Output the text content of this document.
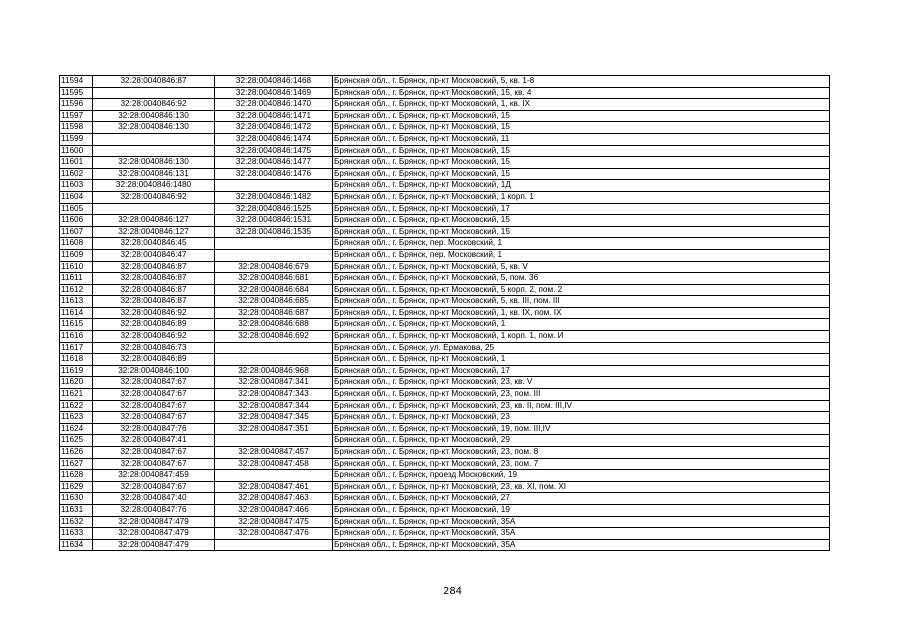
11594	32:28:0040846:87	32:28:0040846:1468	Брянская обл., г. Брянск, пр-кт Московский, 5, кв. 1-8
11595		32:28:0040846:1469	Брянская обл., г. Брянск, пр-кт Московский, 15, кв. 4
11596	32:28:0040846:92	32:28:0040846:1470	Брянская обл., г. Брянск, пр-кт Московский, 1, кв. IX
11597	32:28:0040846:130	32:28:0040846:1471	Брянская обл., г. Брянск, пр-кт Московский, 15
11598	32:28:0040846:130	32:28:0040846:1472	Брянская обл., г. Брянск, пр-кт Московский, 15
11599		32:28:0040846:1474	Брянская обл., г. Брянск, пр-кт Московский, 11
11600		32:28:0040846:1475	Брянская обл., г. Брянск, пр-кт Московский, 15
11601	32:28:0040846:130	32:28:0040846:1477	Брянская обл., г. Брянск, пр-кт Московский, 15
11602	32:28:0040846:131	32:28:0040846:1476	Брянская обл., г. Брянск, пр-кт Московский, 15
11603	32:28:0040846:1480		Брянская обл., г. Брянск, пр-кт Московский, 1Д
11604	32:28:0040846:92	32:28:0040846:1482	Брянская обл., г. Брянск, пр-кт Московский, 1 корп. 1
11605		32:28:0040846:1525	Брянская обл., г. Брянск, пр-кт Московский, 17
11606	32:28:0040846:127	32:28:0040846:1531	Брянская обл., г. Брянск, пр-кт Московский, 15
11607	32:28:0040846:127	32:28:0040846:1535	Брянская обл., г. Брянск, пр-кт Московский, 15
11608	32:28:0040846:45		Брянская обл., г. Брянск, пер. Московский, 1
11609	32:28:0040846:47		Брянская обл., г. Брянск, пер. Московский, 1
11610	32:28:0040846:87	32:28:0040846:679	Брянская обл., г. Брянск, пр-кт Московский, 5, кв. V
11611	32:28:0040846:87	32:28:0040846:681	Брянская обл., г. Брянск, пр-кт Московский, 5, пом. 36
11612	32:28:0040846:87	32:28:0040846:684	Брянская обл., г. Брянск, пр-кт Московский, 5 корп. 2, пом. 2
11613	32:28:0040846:87	32:28:0040846:685	Брянская обл., г. Брянск, пр-кт Московский, 5, кв. III, пом. III
11614	32:28:0040846:92	32:28:0040846:687	Брянская обл., г. Брянск, пр-кт Московский, 1, кв. IX, пом. IX
11615	32:28:0040846:89	32:28:0040846:688	Брянская обл., г. Брянск, пр-кт Московский, 1
11616	32:28:0040846:92	32:28:0040846:692	Брянская обл., г. Брянск, пр-кт Московский, 1 корп. 1, пом. И
11617	32:28:0040846:73		Брянская обл., г. Брянск, ул. Ермакова, 25
11618	32:28:0040846:89		Брянская обл., г. Брянск, пр-кт Московский, 1
11619	32:28:0040846:100	32:28:0040846:968	Брянская обл., г. Брянск, пр-кт Московский, 17
11620	32:28:0040847:67	32:28:0040847:341	Брянская обл., г. Брянск, пр-кт Московский, 23, кв. V
11621	32:28:0040847:67	32:28:0040847:343	Брянская обл., г. Брянск, пр-кт Московский, 23, пом. III
11622	32:28:0040847:67	32:28:0040847:344	Брянская обл., г. Брянск, пр-кт Московский, 23, кв. II, пом. III,IV
11623	32:28:0040847:67	32:28:0040847:345	Брянская обл., г. Брянск, пр-кт Московский, 23
11624	32:28:0040847:76	32:28:0040847:351	Брянская обл., г. Брянск, пр-кт Московский, 19, пом. III,IV
11625	32:28:0040847:41		Брянская обл., г. Брянск, пр-кт Московский, 29
11626	32:28:0040847:67	32:28:0040847:457	Брянская обл., г. Брянск, пр-кт Московский, 23, пом. 8
11627	32:28:0040847:67	32:28:0040847:458	Брянская обл., г. Брянск, пр-кт Московский, 23, пом. 7
11628	32:28:0040847:459		Брянская обл., г. Брянск, проезд Московский, 19
11629	32:28:0040847:67	32:28:0040847:461	Брянская обл., г. Брянск, пр-кт Московский, 23, кв. XI, пом. XI
11630	32:28:0040847:40	32:28:0040847:463	Брянская обл., г. Брянск, пр-кт Московский, 27
11631	32:28:0040847:76	32:28:0040847:466	Брянская обл., г. Брянск, пр-кт Московский, 19
11632	32:28:0040847:479	32:28:0040847:475	Брянская обл., г. Брянск, пр-кт Московский, 35А
11633	32:28:0040847:479	32:28:0040847:476	Брянская обл., г. Брянск, пр-кт Московский, 35А
11634	32:28:0040847:479		Брянская обл., г. Брянск, пр-кт Московский, 35А
284
